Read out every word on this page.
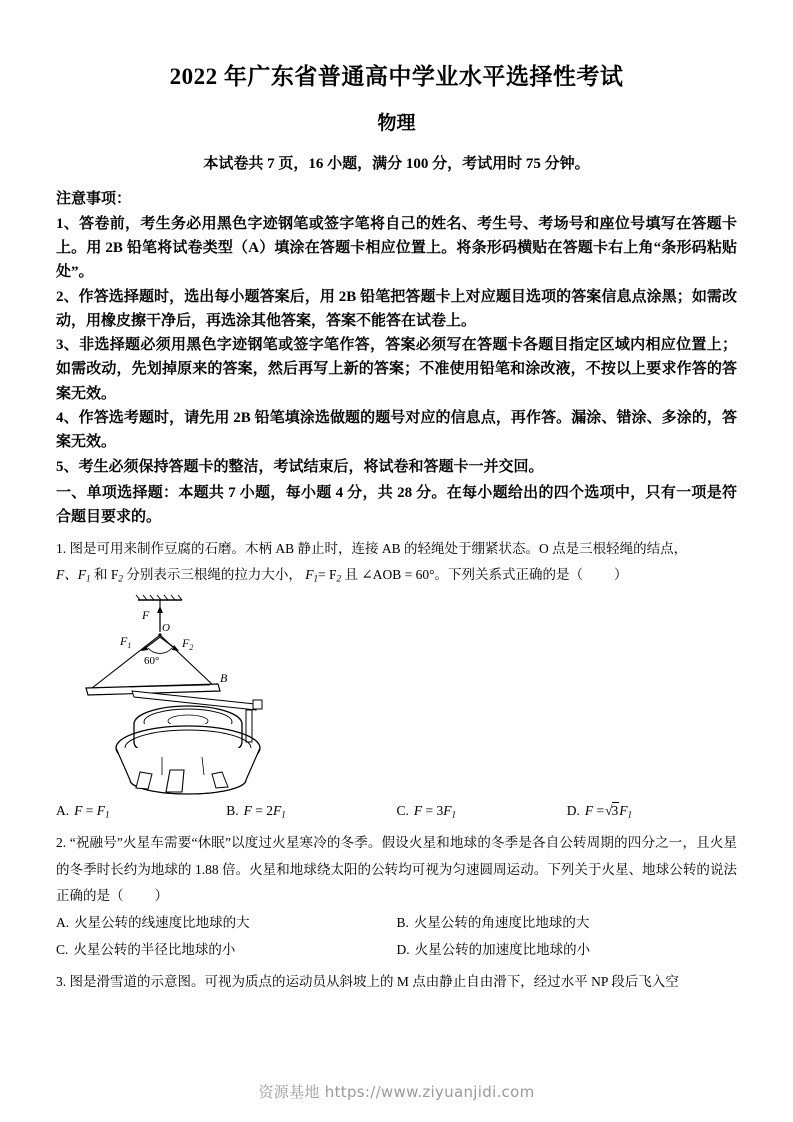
2022 年广东省普通高中学业水平选择性考试
物理

本试卷共 7 页，16 小题，满分 100 分，考试用时 75 分钟。

注意事项：
1、答卷前，考生务必用黑色字迹钢笔或签字笔将自己的姓名、考生号、考场号和座位号填写在答题卡上。用 2B 铅笔将试卷类型（A）填涂在答题卡相应位置上。将条形码横贴在答题卡右上角“条形码粘贴处”。
2、作答选择题时，选出每小题答案后，用 2B 铅笔把答题卡上对应题目选项的答案信息点涂黑；如需改动，用橡皮擦干净后，再选涂其他答案，答案不能答在试卷上。
3、非选择题必须用黑色字迹钢笔或签字笔作答，答案必须写在答题卡各题目指定区域内相应位置上；如需改动，先划掉原来的答案，然后再写上新的答案；不准使用铅笔和涂改液，不按以上要求作答的答案无效。
4、作答选考题时，请先用 2B 铅笔填涂选做题的题号对应的信息点，再作答。漏涂、错涂、多涂的，答案无效。
5、考生必须保持答题卡的整洁，考试结束后，将试卷和答题卡一并交回。
一、单项选择题：本题共 7 小题，每小题 4 分，共 28 分。在每小题给出的四个选项中，只有一项是符合题目要求的。
1. 图是可用来制作豆腐的石磨。木柄 AB 静止时，连接 AB 的轻绳处于绷紧状态。O 点是三根轻绳的结点，
F、$F_1$ 和 $F_2$ 分别表示三根绳的拉力大小， $F_1= F_2$ 且 ∠AOB = 60°。下列关系式正确的是（ ）
F
O
$F_1$	$F_2$
60°
B
A. $F = F_1$	B. $F = 2F_1$	C. $F = 3F_1$	D. $F =√3F_1$
2. “祝融号”火星车需要“休眠”以度过火星寒冷的冬季。假设火星和地球的冬季是各自公转周期的四分之一，且火星的冬季时长约为地球的 1.88 倍。火星和地球绕太阳的公转均可视为匀速圆周运动。下列关于火星、地球公转的说法正确的是（ ）
A. 火星公转的线速度比地球的大	B. 火星公转的角速度比地球的大
C. 火星公转的半径比地球的小	D. 火星公转的加速度比地球的小
3. 图是滑雪道的示意图。可视为质点的运动员从斜坡上的 M 点由静止自由滑下，经过水平 NP 段后飞入空
资源基地 https://www.ziyuanjidi.com
